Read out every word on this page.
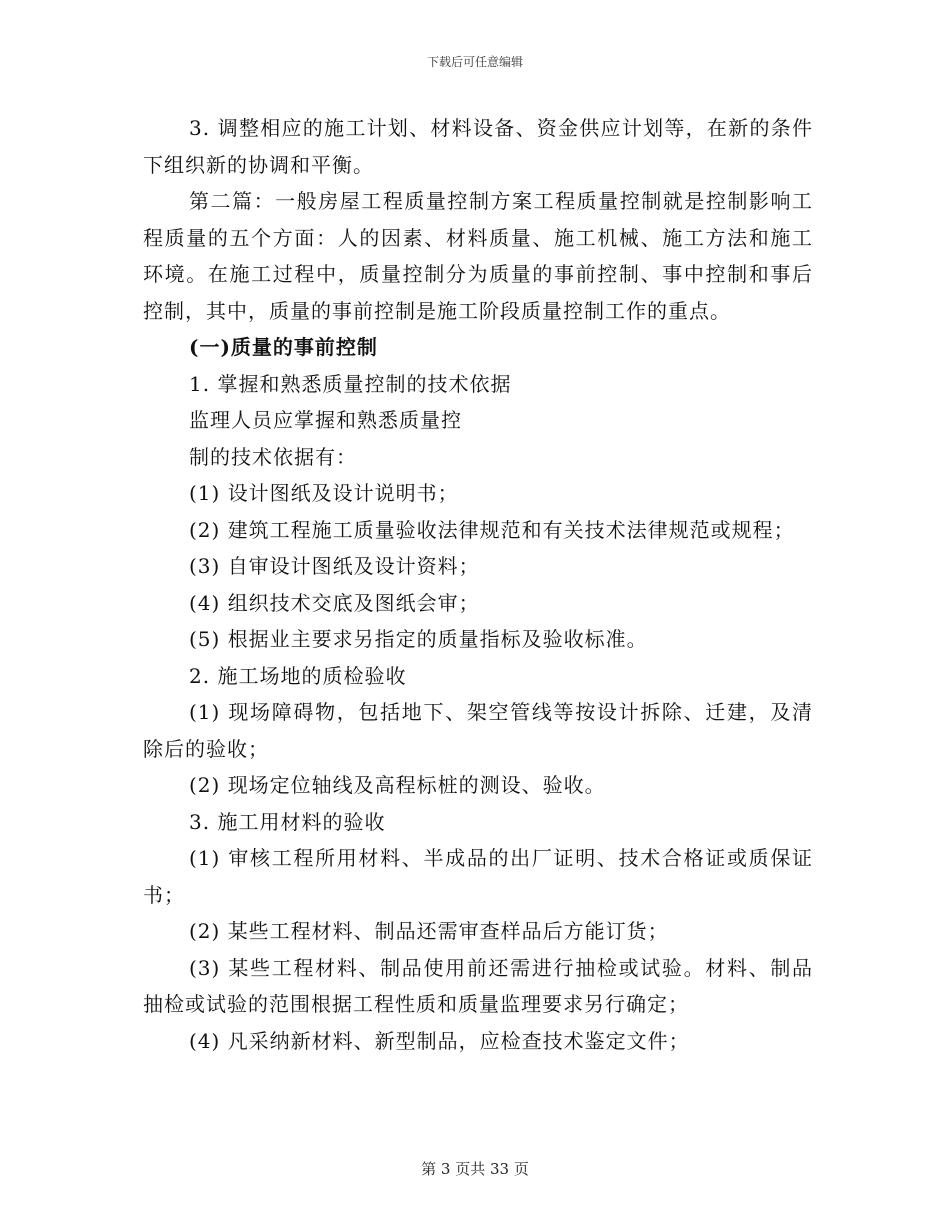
下载后可任意编辑

3. 调整相应的施工计划、材料设备、资金供应计划等，在新的条件下组织新的协调和平衡。

第二篇：一般房屋工程质量控制方案工程质量控制就是控制影响工程质量的五个方面：人的因素、材料质量、施工机械、施工方法和施工环境。在施工过程中，质量控制分为质量的事前控制、事中控制和事后控制，其中，质量的事前控制是施工阶段质量控制工作的重点。

(一)质量的事前控制

1. 掌握和熟悉质量控制的技术依据

监理人员应掌握和熟悉质量控

制的技术依据有：

(1) 设计图纸及设计说明书；

(2) 建筑工程施工质量验收法律规范和有关技术法律规范或规程；

(3) 自审设计图纸及设计资料；

(4) 组织技术交底及图纸会审；

(5) 根据业主要求另指定的质量指标及验收标准。

2. 施工场地的质检验收

(1) 现场障碍物，包括地下、架空管线等按设计拆除、迁建，及清除后的验收；

(2) 现场定位轴线及高程标桩的测设、验收。

3. 施工用材料的验收

(1) 审核工程所用材料、半成品的出厂证明、技术合格证或质保证书；

(2) 某些工程材料、制品还需审查样品后方能订货；

(3) 某些工程材料、制品使用前还需进行抽检或试验。材料、制品抽检或试验的范围根据工程性质和质量监理要求另行确定；

(4) 凡采纳新材料、新型制品，应检查技术鉴定文件；

第 3 页共 33 页
